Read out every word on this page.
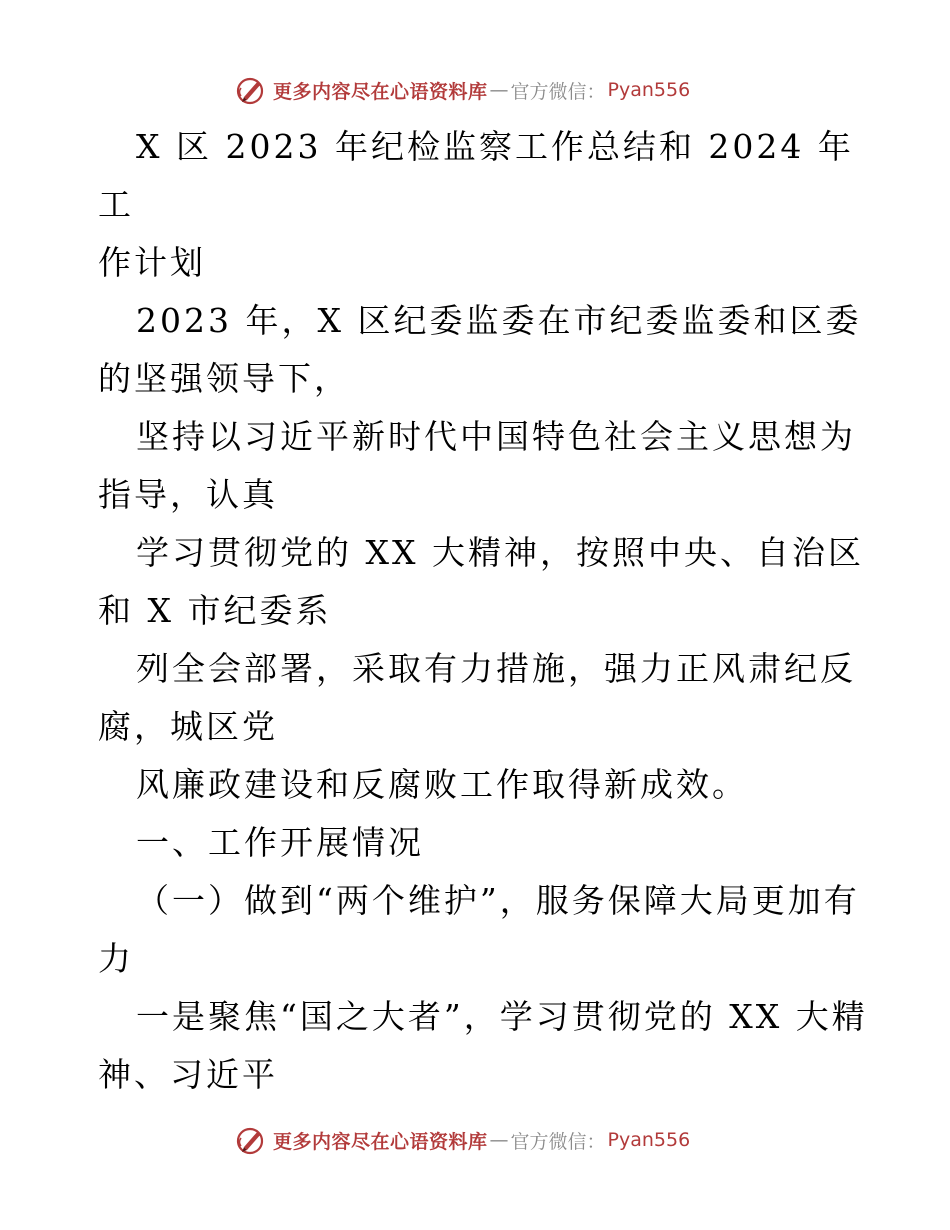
更多内容尽在心语资料库 — 官方微信： Pyan556

X 区 2023 年纪检监察工作总结和 2024 年工
作计划

2023 年，X 区纪委监委在市纪委监委和区委的坚强领导下，

坚持以习近平新时代中国特色社会主义思想为指导，认真

学习贯彻党的 XX 大精神，按照中央、自治区和 X 市纪委系

列全会部署，采取有力措施，强力正风肃纪反腐，城区党

风廉政建设和反腐败工作取得新成效。

一、工作开展情况

（一）做到“两个维护”，服务保障大局更加有力

一是聚焦“国之大者”，学习贯彻党的 XX 大精神、习近平

更多内容尽在心语资料库 — 官方微信： Pyan556
